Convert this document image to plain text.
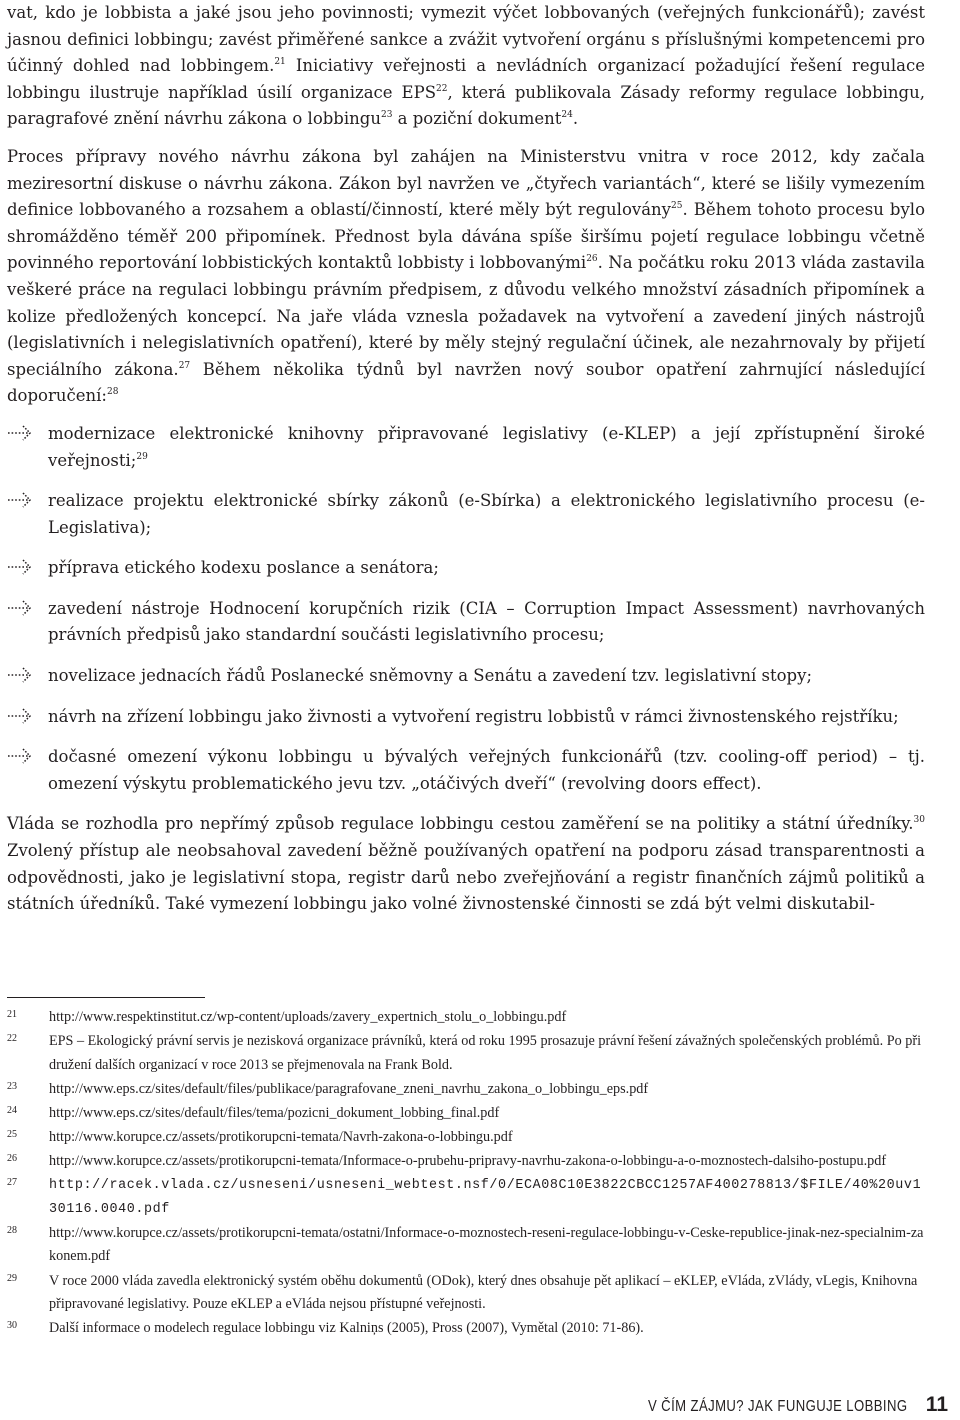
vat, kdo je lobbista a jaké jsou jeho povinnosti; vymezit výčet lobbovaných (veřejných funkcionářů); zavést jasnou definici lobbingu; zavést přiměřené sankce a zvážit vytvoření orgánu s příslušnými kompetencemi pro účinný dohled nad lobbingem.$^{21}$ Iniciativy veřejnosti a nevládních organizací požadující řešení regulace lobbingu ilustruje například úsilí organizace EPS$^{22}$, která publikovala Zásady reformy regulace lobbingu, paragrafové znění návrhu zákona o lobbingu$^{23}$ a poziční dokument$^{24}$.

Proces přípravy nového návrhu zákona byl zahájen na Ministerstvu vnitra v roce 2012, kdy začala meziresortní diskuse o návrhu zákona. Zákon byl navržen ve „čtyřech variantách“, které se lišily vymezením definice lobbovaného a rozsahem a oblastí/činností, které měly být regulovány$^{25}$. Během tohoto procesu bylo shromážděno téměř 200 připomínek. Přednost byla dávána spíše širšímu pojetí regulace lobbingu včetně povinného reportování lobbistických kontaktů lobbisty i lobbovanými$^{26}$. Na počátku roku 2013 vláda zastavila veškeré práce na regulaci lobbingu právním předpisem, z důvodu velkého množství zásadních připomínek a kolize předložených koncepcí. Na jaře vláda vznesla požadavek na vytvoření a zavedení jiných nástrojů (legislativních i nelegislativních opatření), které by měly stejný regulační účinek, ale nezahrnovaly by přijetí speciálního zákona.$^{27}$ Během několika týdnů byl navržen nový soubor opatření zahrnující následující doporučení:$^{28}$

modernizace elektronické knihovny připravované legislativy (e-KLEP) a její zpřístupnění široké veřejnosti;$^{29}$
realizace projektu elektronické sbírky zákonů (e-Sbírka) a elektronického legislativního procesu (e-Legislativa);
příprava etického kodexu poslance a senátora;
zavedení nástroje Hodnocení korupčních rizik (CIA – Corruption Impact Assessment) navrhovaných právních předpisů jako standardní součásti legislativního procesu;
novelizace jednacích řádů Poslanecké sněmovny a Senátu a zavedení tzv. legislativní stopy;
návrh na zřízení lobbingu jako živnosti a vytvoření registru lobbistů v rámci živnostenského rejstříku;
dočasné omezení výkonu lobbingu u bývalých veřejných funkcionářů (tzv. cooling-off period) – tj. omezení výskytu problematického jevu tzv. „otáčivých dveří“ (revolving doors effect).

Vláda se rozhodla pro nepřímý způsob regulace lobbingu cestou zaměření se na politiky a státní úředníky.$^{30}$ Zvolený přístup ale neobsahoval zavedení běžně používaných opatření na podporu zásad transparentnosti a odpovědnosti, jako je legislativní stopa, registr darů nebo zveřejňování a registr finančních zájmů politiků a státních úředníků. Také vymezení lobbingu jako volné živnostenské činnosti se zdá být velmi diskutabil-

21	http://www.respektinstitut.cz/wp-content/uploads/zavery_expertnich_stolu_o_lobbingu.pdf
22	EPS – Ekologický právní servis je nezisková organizace právníků, která od roku 1995 prosazuje právní řešení závažných společenských problémů. Po přidružení dalších organizací v roce 2013 se přejmenovala na Frank Bold.
23	http://www.eps.cz/sites/default/files/publikace/paragrafovane_zneni_navrhu_zakona_o_lobbingu_eps.pdf
24	http://www.eps.cz/sites/default/files/tema/pozicni_dokument_lobbing_final.pdf
25	http://www.korupce.cz/assets/protikorupcni-temata/Navrh-zakona-o-lobbingu.pdf
26	http://www.korupce.cz/assets/protikorupcni-temata/Informace-o-prubehu-pripravy-navrhu-zakona-o-lobbingu-a-o-moznostech-dalsiho-postupu.pdf
27	http://racek.vlada.cz/usneseni/usneseni_webtest.nsf/0/ECA08C10E3822CBCC1257AF400278813/$FILE/40%20uv130116.0040.pdf
28	http://www.korupce.cz/assets/protikorupcni-temata/ostatni/Informace-o-moznostech-reseni-regulace-lobbingu-v-Ceske-republice-jinak-nez-specialnim-zakonem.pdf
29	V roce 2000 vláda zavedla elektronický systém oběhu dokumentů (ODok), který dnes obsahuje pět aplikací – eKLEP, eVláda, zVlády, vLegis, Knihovna připravované legislativy. Pouze eKLEP a eVláda nejsou přístupné veřejnosti.
30	Další informace o modelech regulace lobbingu viz Kalniņs (2005), Pross (2007), Vymětal (2010: 71-86).
V ČÍM ZÁJMU? JAK FUNGUJE LOBBING 11
